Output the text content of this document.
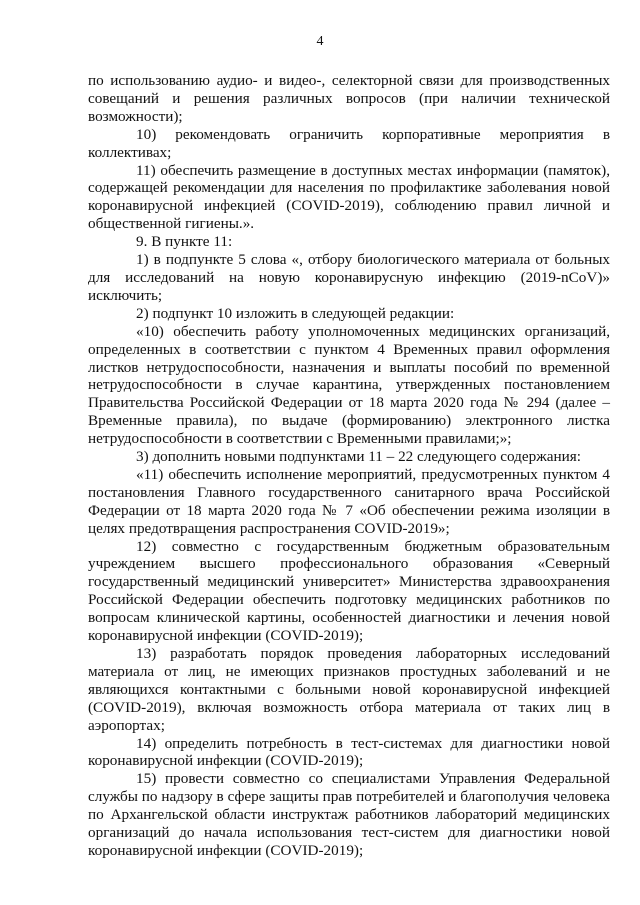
4

по использованию аудио- и видео-, селекторной связи для производственных совещаний и решения различных вопросов (при наличии технической возможности);

10) рекомендовать ограничить корпоративные мероприятия в коллективах;

11) обеспечить размещение в доступных местах информации (памяток), содержащей рекомендации для населения по профилактике заболевания новой коронавирусной инфекцией (COVID-2019), соблюдению правил личной и общественной гигиены.».

9. В пункте 11:

1) в подпункте 5 слова «, отбору биологического материала от больных для исследований на новую коронавирусную инфекцию (2019-nCoV)» исключить;

2) подпункт 10 изложить в следующей редакции:

«10) обеспечить работу уполномоченных медицинских организаций, определенных в соответствии с пунктом 4 Временных правил оформления листков нетрудоспособности, назначения и выплаты пособий по временной нетрудоспособности в случае карантина, утвержденных постановлением Правительства Российской Федерации от 18 марта 2020 года № 294 (далее – Временные правила), по выдаче (формированию) электронного листка нетрудоспособности в соответствии с Временными правилами;»;

3) дополнить новыми подпунктами 11 – 22 следующего содержания:

«11) обеспечить исполнение мероприятий, предусмотренных пунктом 4 постановления Главного государственного санитарного врача Российской Федерации от 18 марта 2020 года № 7 «Об обеспечении режима изоляции в целях предотвращения распространения COVID-2019»;

12) совместно с государственным бюджетным образовательным учреждением высшего профессионального образования «Северный государственный медицинский университет» Министерства здравоохранения Российской Федерации обеспечить подготовку медицинских работников по вопросам клинической картины, особенностей диагностики и лечения новой коронавирусной инфекции (COVID-2019);

13) разработать порядок проведения лабораторных исследований материала от лиц, не имеющих признаков простудных заболеваний и не являющихся контактными с больными новой коронавирусной инфекцией (COVID-2019), включая возможность отбора материала от таких лиц в аэропортах;

14) определить потребность в тест-системах для диагностики новой коронавирусной инфекции (COVID-2019);

15) провести совместно со специалистами Управления Федеральной службы по надзору в сфере защиты прав потребителей и благополучия человека по Архангельской области инструктаж работников лабораторий медицинских организаций до начала использования тест-систем для диагностики новой коронавирусной инфекции (COVID-2019);
